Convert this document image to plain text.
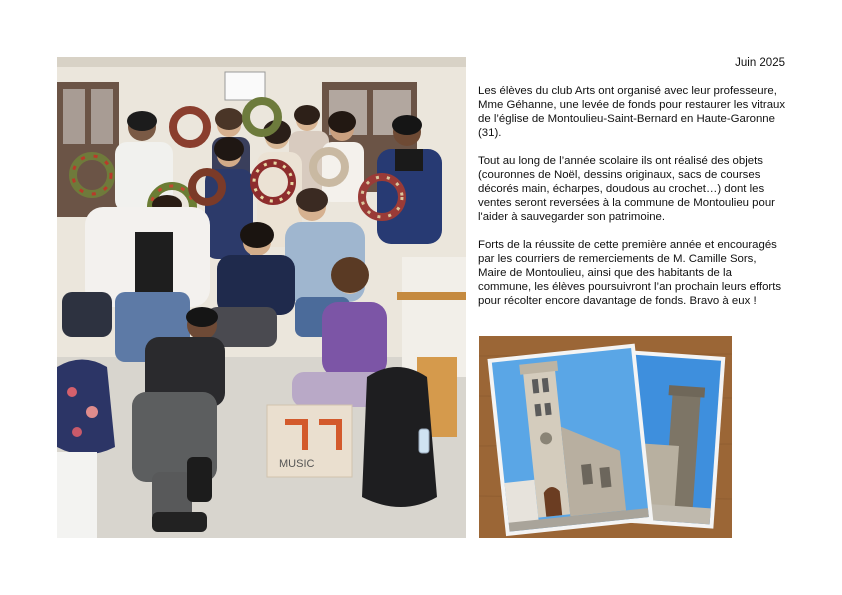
Juin 2025
MUSIC

Les élèves du club Arts ont organisé avec leur professeure, Mme Géhanne, une levée de fonds pour restaurer les vitraux de l’église de Montoulieu-Saint-Bernard en Haute-Garonne (31).

Tout au long de l’année scolaire ils ont réalisé des objets (couronnes de Noël, dessins originaux, sacs de courses décorés main, écharpes, doudous au crochet…) dont les ventes seront reversées à la commune de Montoulieu pour l'aider à sauvegarder son patrimoine.

Forts de la réussite de cette première année et encouragés par les courriers de remerciements de M. Camille Sors, Maire de Montoulieu, ainsi que des habitants de la commune, les élèves poursuivront l’an prochain leurs efforts pour récolter encore davantage de fonds. Bravo à eux !
